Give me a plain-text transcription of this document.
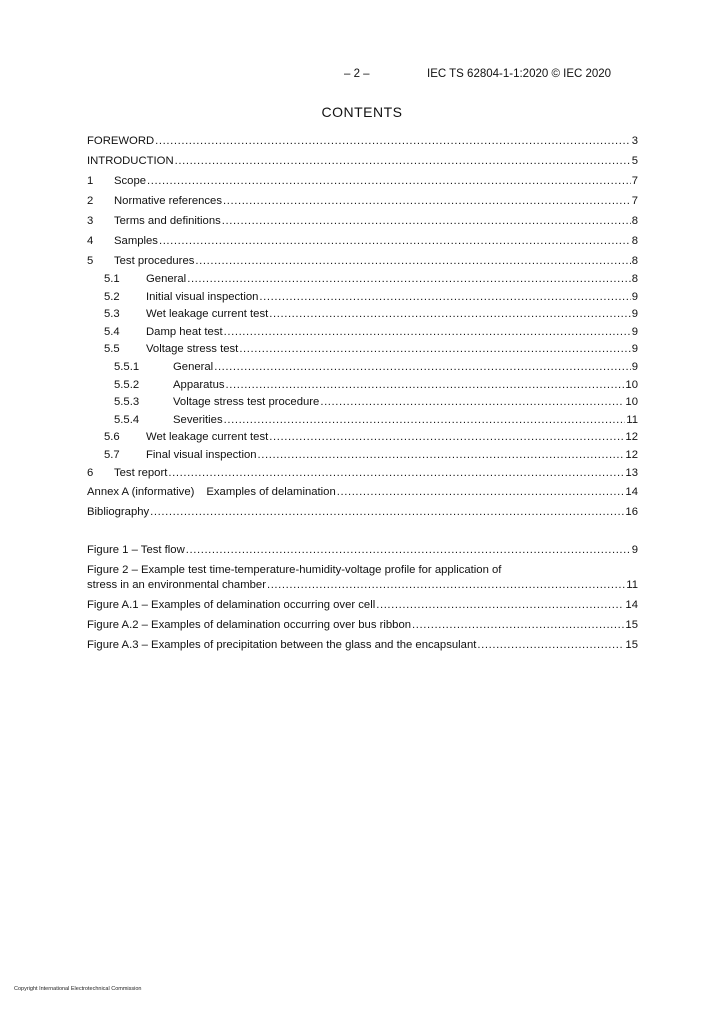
– 2 –	IEC TS 62804-1-1:2020 © IEC 2020
CONTENTS
FOREWORD .....	3
INTRODUCTION .....	5
1	Scope .....	7
2	Normative references .....	7
3	Terms and definitions .....	8
4	Samples .....	8
5	Test procedures .....	8
5.1	General .....	8
5.2	Initial visual inspection .....	9
5.3	Wet leakage current test .....	9
5.4	Damp heat test .....	9
5.5	Voltage stress test .....	9
5.5.1	General .....	9
5.5.2	Apparatus .....	10
5.5.3	Voltage stress test procedure .....	10
5.5.4	Severities .....	11
5.6	Wet leakage current test .....	12
5.7	Final visual inspection .....	12
6	Test report .....	13
Annex A (informative) Examples of delamination .....	14
Bibliography .....	16
Figure 1 – Test flow .....	9
Figure 2 – Example test time-temperature-humidity-voltage profile for application of
stress in an environmental chamber .....	11
Figure A.1 – Examples of delamination occurring over cell .....	14
Figure A.2 – Examples of delamination occurring over bus ribbon .....	15
Figure A.3 – Examples of precipitation between the glass and the encapsulant .....	15
Copyright International Electrotechnical Commission
